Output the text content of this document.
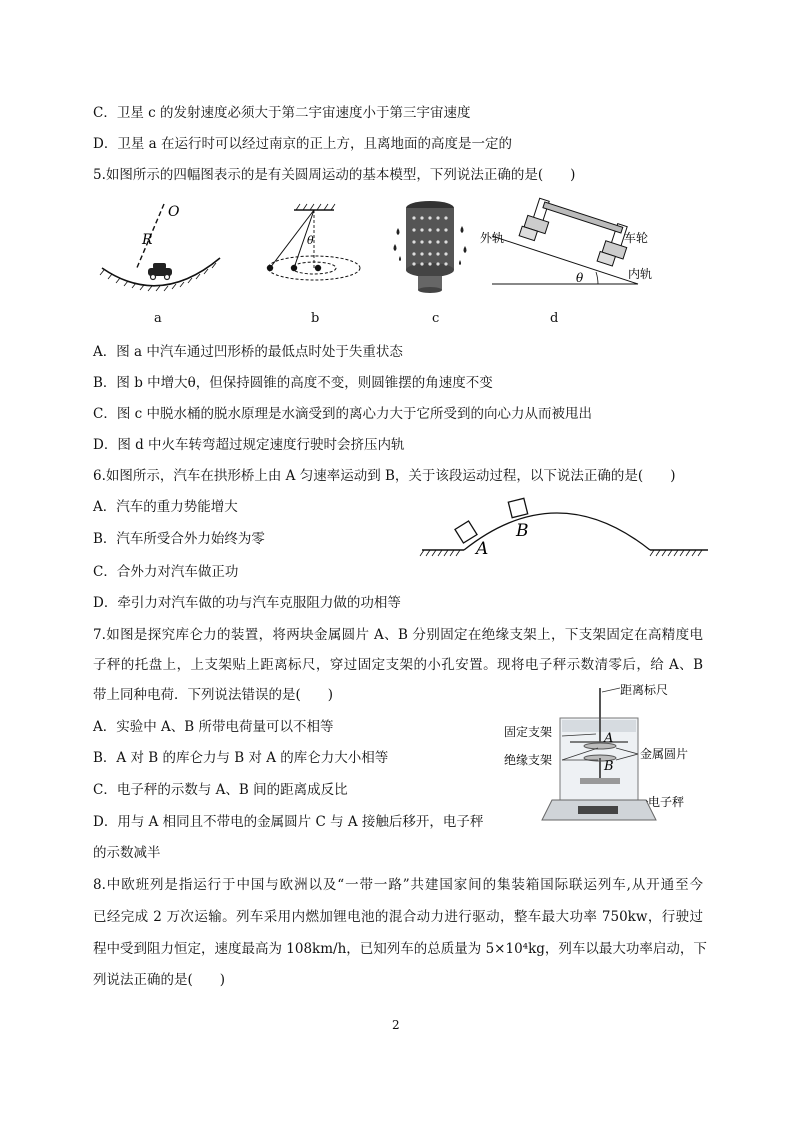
C．卫星 c 的发射速度必须大于第二宇宙速度小于第三宇宙速度
D．卫星 a 在运行时可以经过南京的正上方，且离地面的高度是一定的
5.如图所示的四幅图表示的是有关圆周运动的基本模型，下列说法正确的是(　　)
O
R
a
θ
b	c
外轨	车轮
内轨
θ
d
A．图 a 中汽车通过凹形桥的最低点时处于失重状态
B．图 b 中增大θ，但保持圆锥的高度不变，则圆锥摆的角速度不变
C．图 c 中脱水桶的脱水原理是水滴受到的离心力大于它所受到的向心力从而被甩出
D．图 d 中火车转弯超过规定速度行驶时会挤压内轨
6.如图所示，汽车在拱形桥上由 A 匀速率运动到 B，关于该段运动过程，以下说法正确的是(　　)
A．汽车的重力势能增大
B．汽车所受合外力始终为零
C．合外力对汽车做正功
D．牵引力对汽车做的功与汽车克服阻力做的功相等
A
B
7.如图是探究库仑力的装置，将两块金属圆片 A、B 分别固定在绝缘支架上，下支架固定在高精度电
子秤的托盘上，上支架贴上距离标尺，穿过固定支架的小孔安置。现将电子秤示数清零后，给 A、B
带上同种电荷．下列说法错误的是(　　)
A．实验中 A、B 所带电荷量可以不相等
B．A 对 B 的库仑力与 B 对 A 的库仑力大小相等
C．电子秤的示数与 A、B 间的距离成反比
D．用与 A 相同且不带电的金属圆片 C 与 A 接触后移开，电子秤
的示数减半
A
B
距离标尺
固定支架
绝缘支架	金属圆片
电子秤
8.中欧班列是指运行于中国与欧洲以及“一带一路”共建国家间的集装箱国际联运列车,从开通至今
已经完成 2 万次运输。列车采用内燃加锂电池的混合动力进行驱动，整车最大功率 750kw，行驶过
程中受到阻力恒定，速度最高为 108km/h，已知列车的总质量为 5×10⁴kg，列车以最大功率启动，下
列说法正确的是(　　)
2
